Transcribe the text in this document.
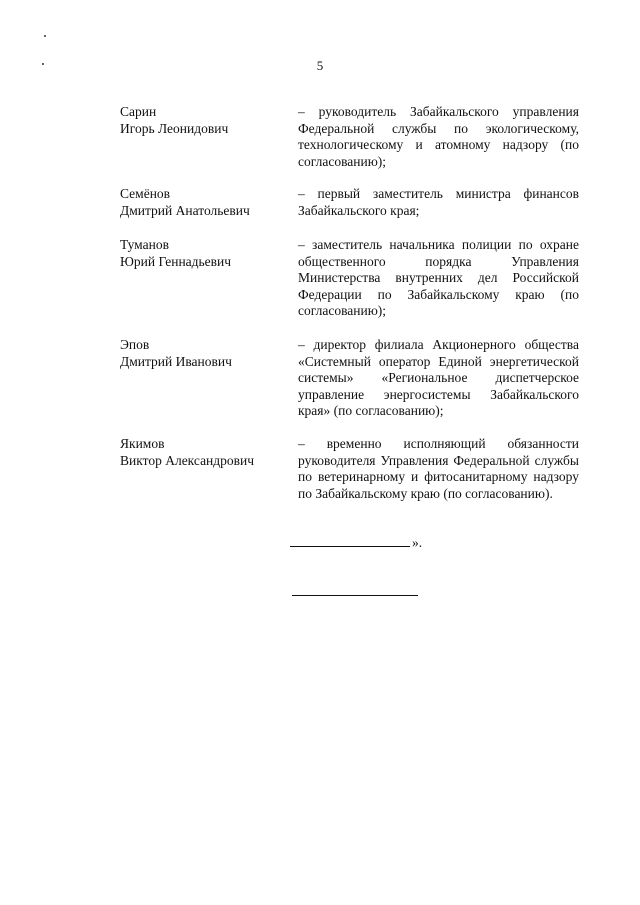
5
Сарин
Игорь Леонидович
– руководитель Забайкальского управления Федеральной службы по экологическому, технологическому и атомному надзору (по согласованию);
Семёнов
Дмитрий Анатольевич
– первый заместитель министра финансов Забайкальского края;
Туманов
Юрий Геннадьевич
– заместитель начальника полиции по охране общественного порядка Управления Министерства внутренних дел Российской Федерации по Забайкальскому краю (по согласованию);
Эпов
Дмитрий Иванович
– директор филиала Акционерного общества «Системный оператор Единой энергетической системы» «Региональное диспетчерское управление энергосистемы Забайкальского края» (по согласованию);
Якимов
Виктор Александрович
– временно исполняющий обязанности руководителя Управления Федеральной службы по ветеринарному и фитосанитарному надзору по Забайкальскому краю (по согласованию).
».
